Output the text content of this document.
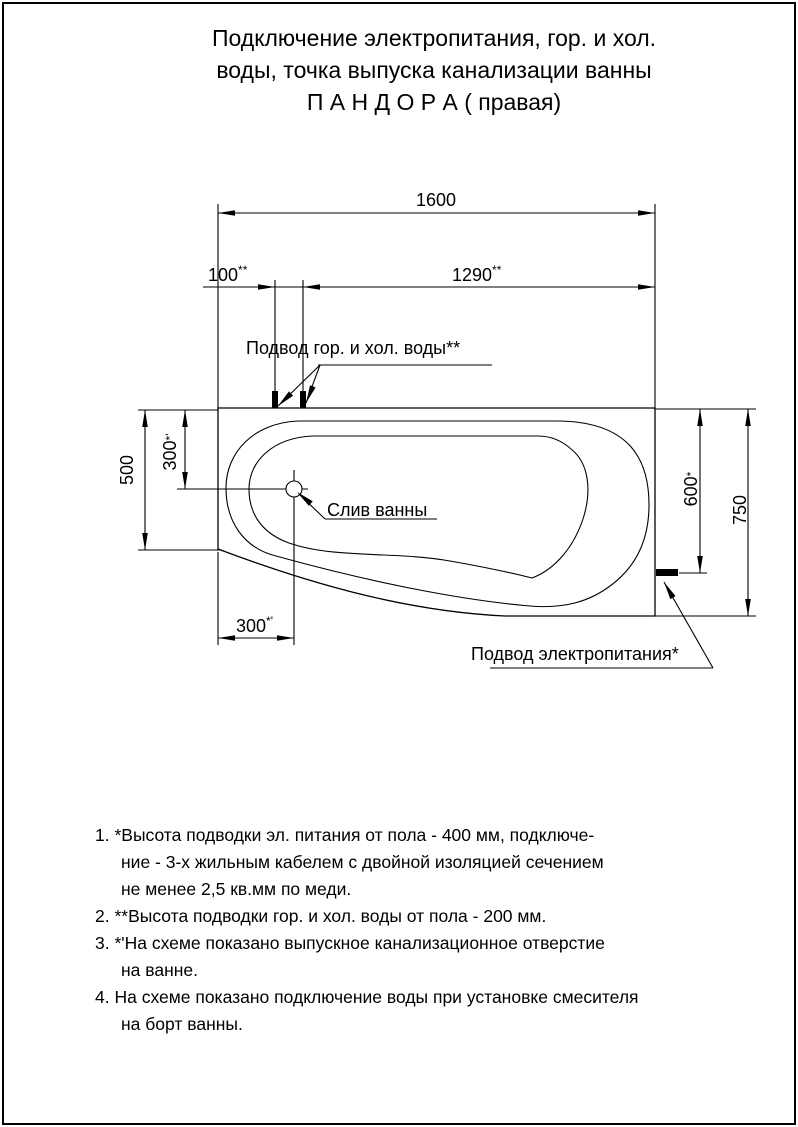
Подключение электропитания, гор. и хол.
воды, точка выпуска канализации ванны
П А Н Д О Р А ( правая)
1600
100**	1290**
500 300
*'
600
*
750
300*'
Подвод гор. и хол. воды**
Слив ванны
Подвод электропитания*
1. *Высота подводки эл. питания от пола - 400 мм, подключе-
ние - 3-х жильным кабелем с двойной изоляцией сечением
не менее 2,5 кв.мм по меди.
2. **Высота подводки гор. и хол. воды от пола - 200 мм.
3. *'На схеме показано выпускное канализационное отверстие
на ванне.
4. На схеме показано подключение воды при установке смесителя
на борт ванны.
